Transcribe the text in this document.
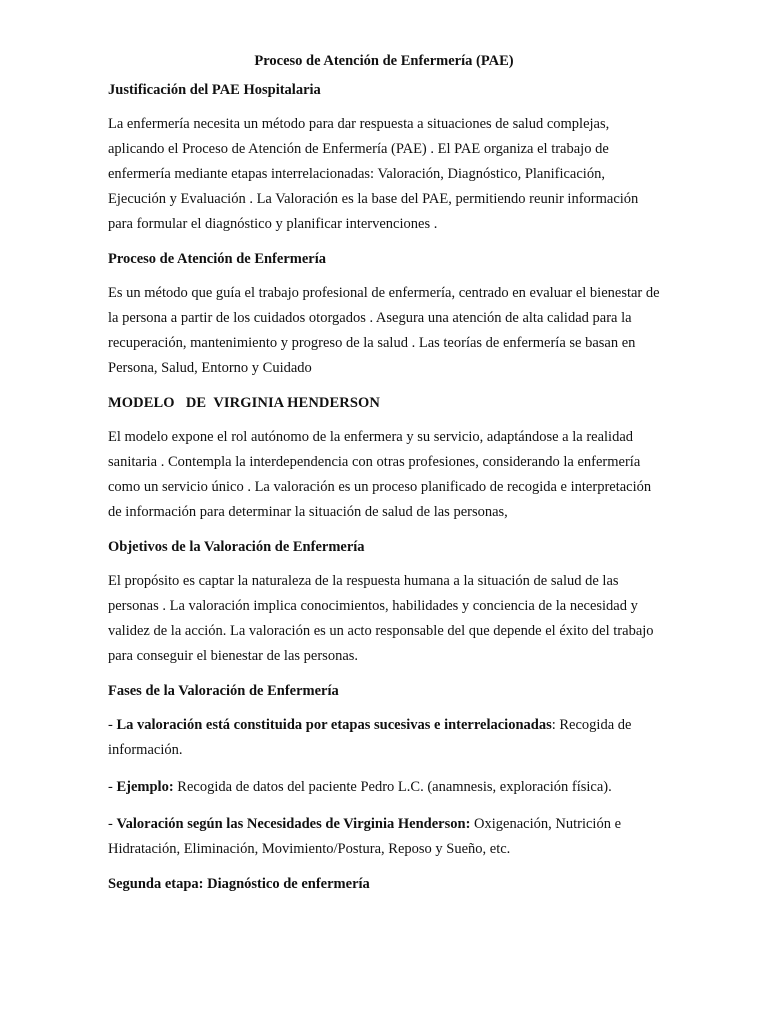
Proceso de Atención de Enfermería (PAE)
Justificación del PAE Hospitalaria

La enfermería necesita un método para dar respuesta a situaciones de salud complejas, aplicando el Proceso de Atención de Enfermería (PAE) . El PAE organiza el trabajo de enfermería mediante etapas interrelacionadas: Valoración, Diagnóstico, Planificación, Ejecución y Evaluación . La Valoración es la base del PAE, permitiendo reunir información para formular el diagnóstico y planificar intervenciones .

Proceso de Atención de Enfermería

Es un método que guía el trabajo profesional de enfermería, centrado en evaluar el bienestar de la persona a partir de los cuidados otorgados . Asegura una atención de alta calidad para la recuperación, mantenimiento y progreso de la salud . Las teorías de enfermería se basan en Persona, Salud, Entorno y Cuidado

MODELO   DE  VIRGINIA HENDERSON

El modelo expone el rol autónomo de la enfermera y su servicio, adaptándose a la realidad sanitaria . Contempla la interdependencia con otras profesiones, considerando la enfermería como un servicio único . La valoración es un proceso planificado de recogida e interpretación de información para determinar la situación de salud de las personas,

Objetivos de la Valoración de Enfermería

El propósito es captar la naturaleza de la respuesta humana a la situación de salud de las personas . La valoración implica conocimientos, habilidades y conciencia de la necesidad y validez de la acción. La valoración es un acto responsable del que depende el éxito del trabajo para conseguir el bienestar de las personas.

Fases de la Valoración de Enfermería

- La valoración está constituida por etapas sucesivas e interrelacionadas: Recogida de información.

- Ejemplo: Recogida de datos del paciente Pedro L.C. (anamnesis, exploración física).

- Valoración según las Necesidades de Virginia Henderson: Oxigenación, Nutrición e Hidratación, Eliminación, Movimiento/Postura, Reposo y Sueño, etc.

Segunda etapa: Diagnóstico de enfermería
